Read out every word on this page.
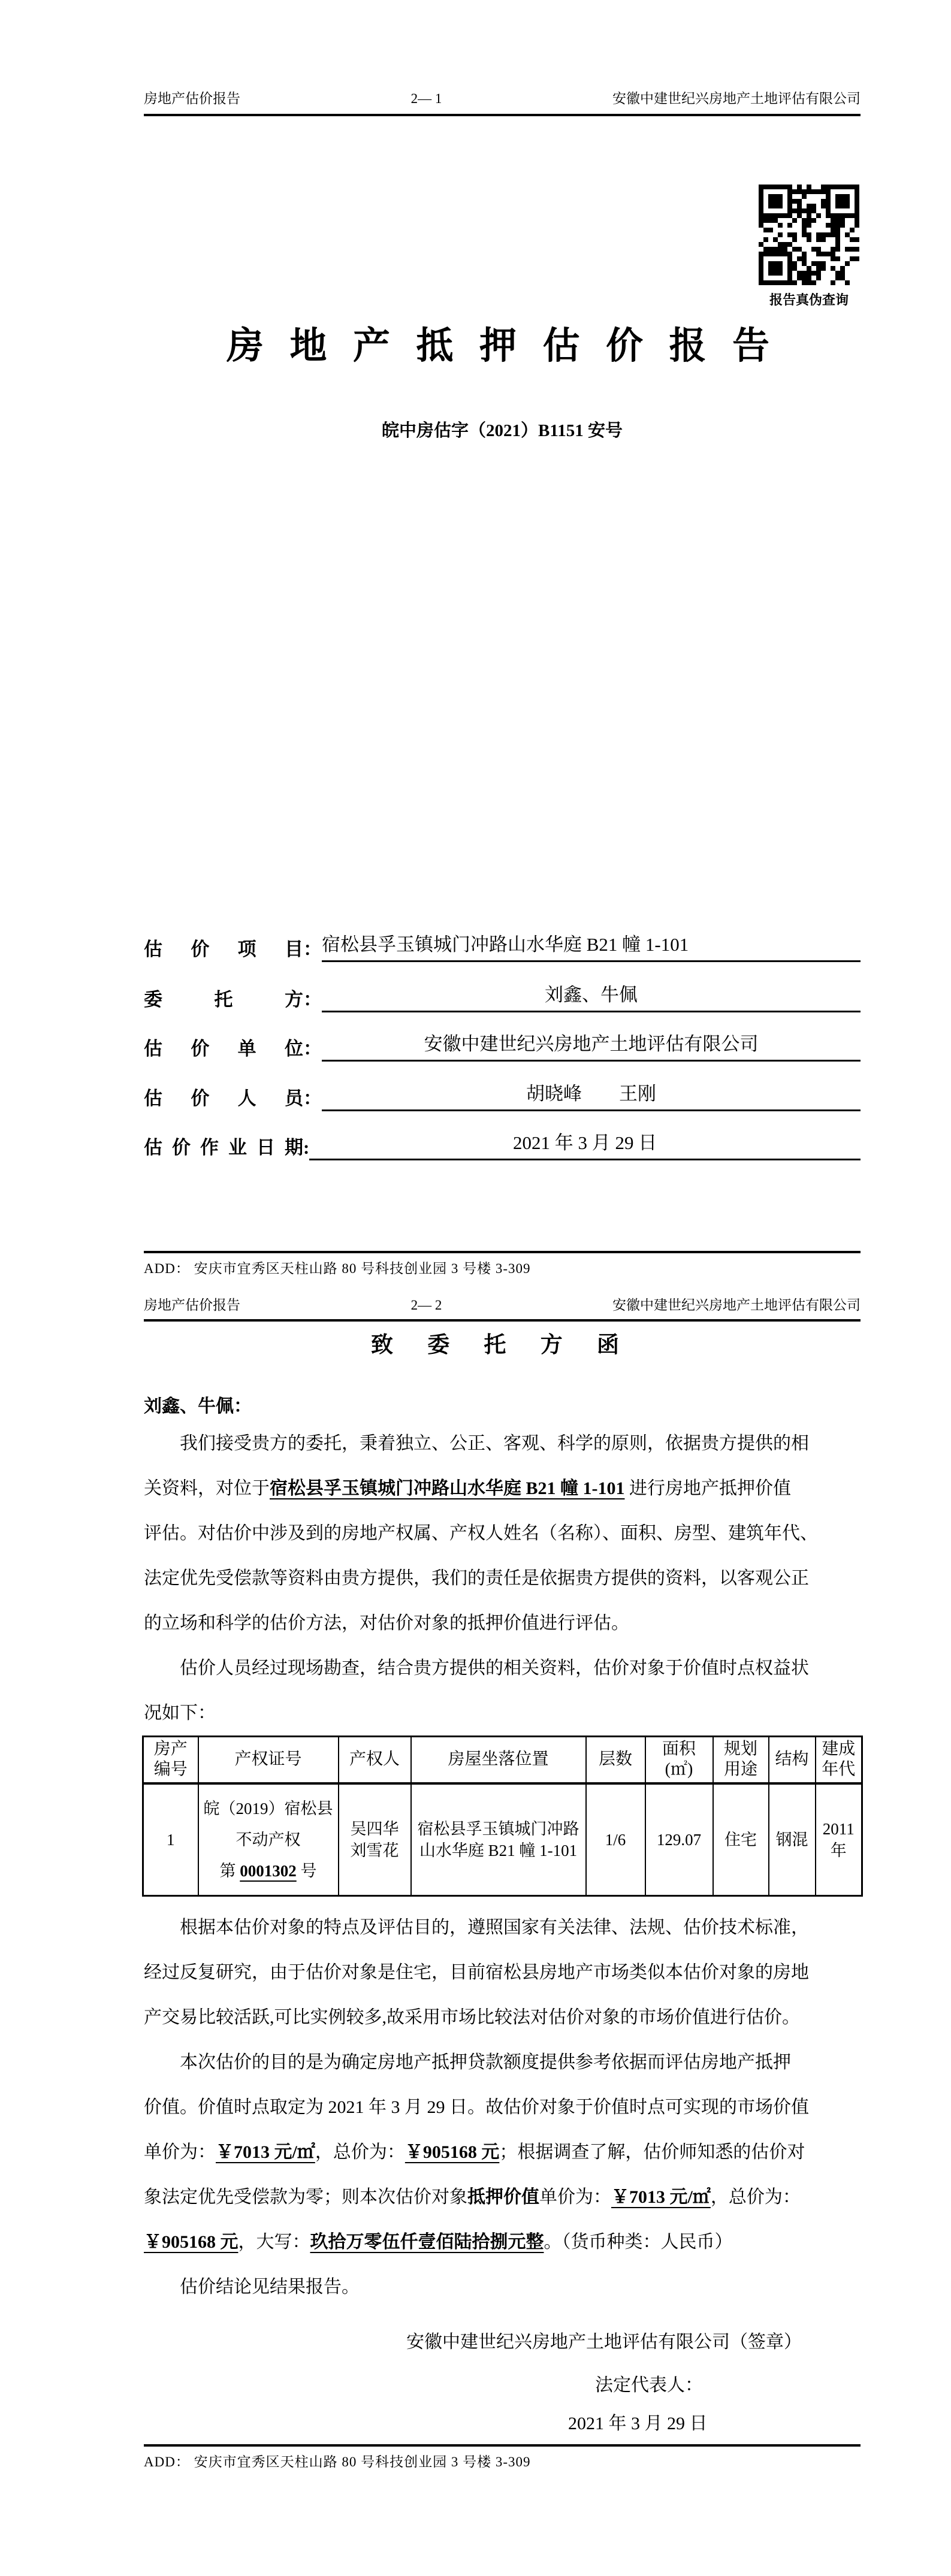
房地产估价报告	2— 1	安徽中建世纪兴房地产土地评估有限公司
报告真伪查询
房 地 产 抵 押 估 价 报 告
皖中房估字（2021）B1151 安号
估 价 项 目 ： 宿松县孚玉镇城门冲路山水华庭 B21 幢 1-101
委 托 方 ：	刘鑫、牛佩
估 价 单 位 ：	安徽中建世纪兴房地产土地评估有限公司
估 价 人 员 ：	胡晓峰　　王刚
估价作业日期 :	2021 年 3 月 29 日
ADD： 安庆市宜秀区天柱山路 80 号科技创业园 3 号楼 3-309
房地产估价报告	2— 2	安徽中建世纪兴房地产土地评估有限公司
致 委 托 方 函
刘鑫、牛佩：
　　我们接受贵方的委托，秉着独立、公正、客观、科学的原则，依据贵方提供的相
关资料，对位于宿松县孚玉镇城门冲路山水华庭 B21 幢 1-101 进行房地产抵押价值
评估。对估价中涉及到的房地产权属、产权人姓名（名称）、面积、房型、建筑年代、
法定优先受偿款等资料由贵方提供，我们的责任是依据贵方提供的资料，以客观公正
的立场和科学的估价方法，对估价对象的抵押价值进行评估。
　　估价人员经过现场勘查，结合贵方提供的相关资料，估价对象于价值时点权益状
况如下：
房产
编号	产权证号	产权人	房屋坐落位置	层数	面积
(㎡)	规划
用途	结构	建成
年代
1	皖（2019）宿松县
不动产权
第 0001302 号	吴四华
刘雪花	宿松县孚玉镇城门冲路
山水华庭 B21 幢 1-101	1/6	129.07	住宅	钢混	2011 年
　　根据本估价对象的特点及评估目的，遵照国家有关法律、法规、估价技术标准，
经过反复研究，由于估价对象是住宅，目前宿松县房地产市场类似本估价对象的房地
产交易比较活跃,可比实例较多,故采用市场比较法对估价对象的市场价值进行估价。
　　本次估价的目的是为确定房地产抵押贷款额度提供参考依据而评估房地产抵押
价值。价值时点取定为 2021 年 3 月 29 日。故估价对象于价值时点可实现的市场价值
单价为：￥7013 元/㎡，总价为：￥905168 元；根据调查了解，估价师知悉的估价对
象法定优先受偿款为零；则本次估价对象抵押价值单价为：￥7013 元/㎡，总价为：
￥905168 元，大写：玖拾万零伍仟壹佰陆拾捌元整。（货币种类：人民币）
　　估价结论见结果报告。
安徽中建世纪兴房地产土地评估有限公司（签章）
法定代表人：
2021 年 3 月 29 日
ADD： 安庆市宜秀区天柱山路 80 号科技创业园 3 号楼 3-309
